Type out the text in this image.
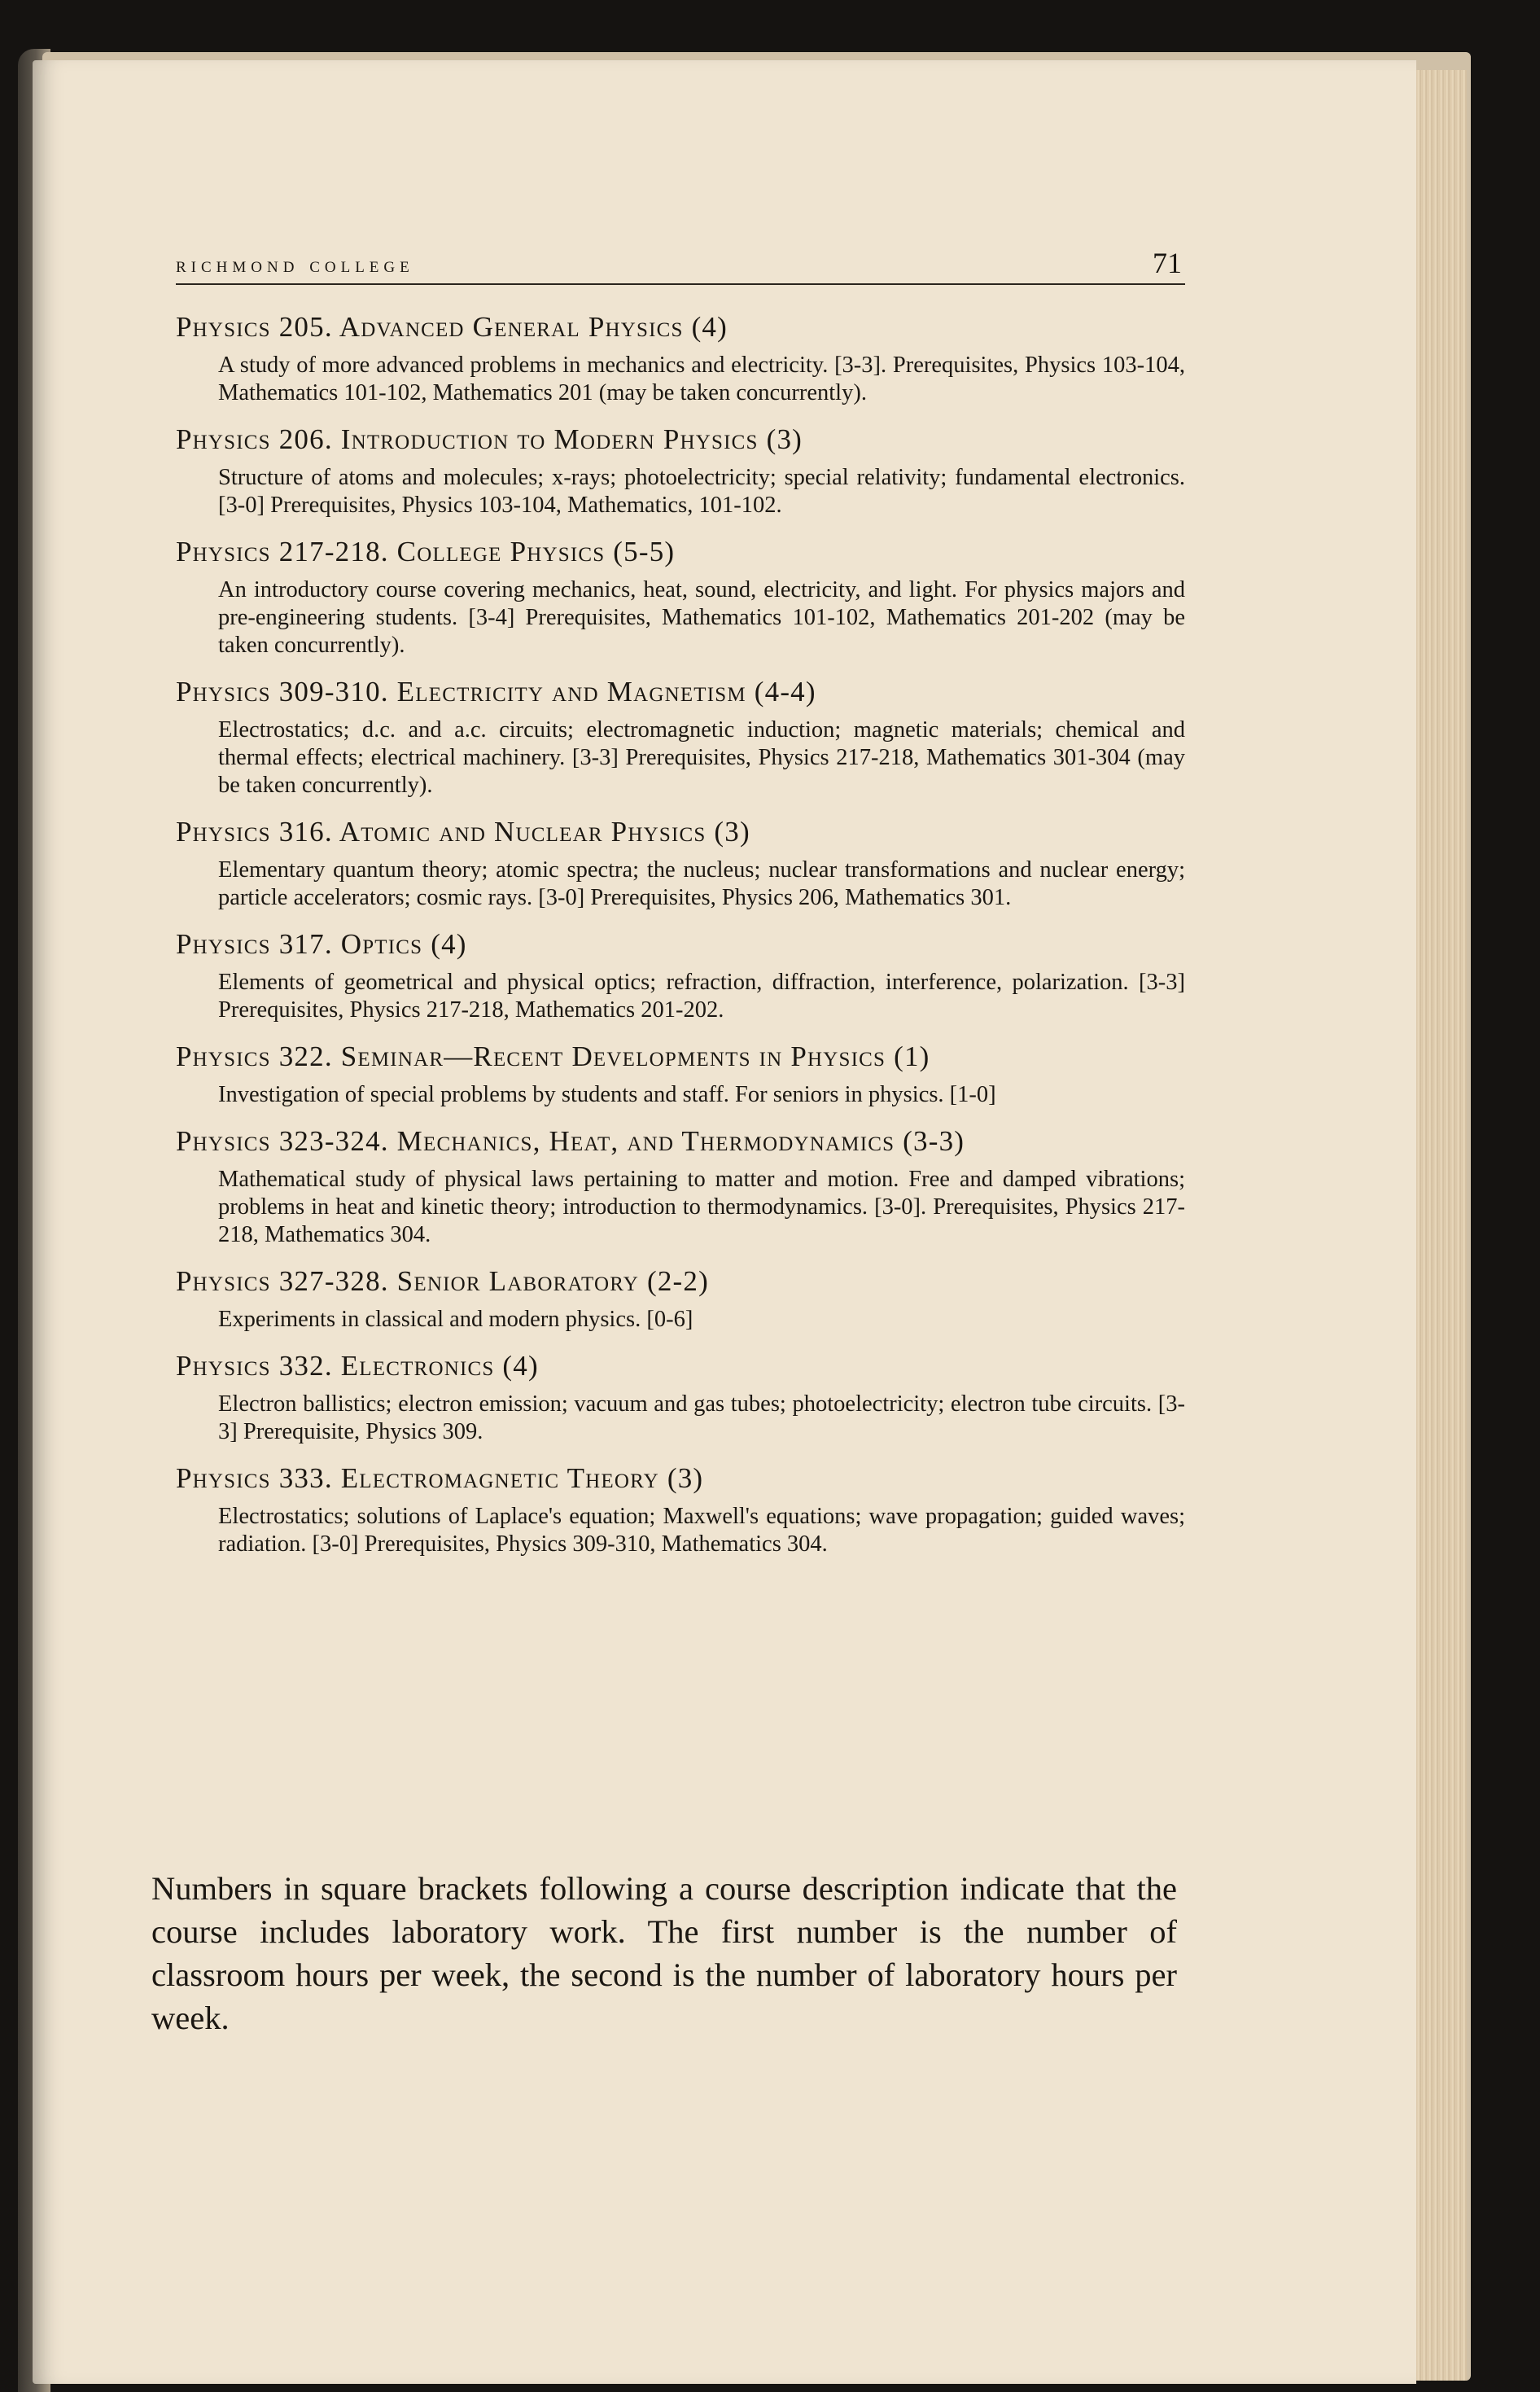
richmond college	71

Physics 205. Advanced General Physics (4)

A study of more advanced problems in mechanics and electricity. [3-3]. Prerequisites, Physics 103-104, Mathematics 101-102, Mathematics 201 (may be taken concurrently).

Physics 206. Introduction to Modern Physics (3)

Structure of atoms and molecules; x-rays; photoelectricity; special relativity; fundamental electronics. [3-0] Prerequisites, Physics 103-104, Mathematics, 101-102.

Physics 217-218. College Physics (5-5)

An introductory course covering mechanics, heat, sound, electricity, and light. For physics majors and pre-engineering students. [3-4] Prerequisites, Mathematics 101-102, Mathematics 201-202 (may be taken concurrently).

Physics 309-310. Electricity and Magnetism (4-4)

Electrostatics; d.c. and a.c. circuits; electromagnetic induction; magnetic materials; chemical and thermal effects; electrical machinery. [3-3] Prerequisites, Physics 217-218, Mathematics 301-304 (may be taken concurrently).

Physics 316. Atomic and Nuclear Physics (3)

Elementary quantum theory; atomic spectra; the nucleus; nuclear transformations and nuclear energy; particle accelerators; cosmic rays. [3-0] Prerequisites, Physics 206, Mathematics 301.

Physics 317. Optics (4)

Elements of geometrical and physical optics; refraction, diffraction, interference, polarization. [3-3] Prerequisites, Physics 217-218, Mathematics 201-202.

Physics 322. Seminar—Recent Developments in Physics (1)

Investigation of special problems by students and staff. For seniors in physics. [1-0]

Physics 323-324. Mechanics, Heat, and Thermodynamics (3-3)

Mathematical study of physical laws pertaining to matter and motion. Free and damped vibrations; problems in heat and kinetic theory; introduction to thermodynamics. [3-0]. Prerequisites, Physics 217-218, Mathematics 304.

Physics 327-328. Senior Laboratory (2-2)

Experiments in classical and modern physics. [0-6]

Physics 332. Electronics (4)

Electron ballistics; electron emission; vacuum and gas tubes; photoelectricity; electron tube circuits. [3-3] Prerequisite, Physics 309.

Physics 333. Electromagnetic Theory (3)

Electrostatics; solutions of Laplace's equation; Maxwell's equations; wave propagation; guided waves; radiation. [3-0] Prerequisites, Physics 309-310, Mathematics 304.

Numbers in square brackets following a course description indicate that the course includes laboratory work. The first number is the number of classroom hours per week, the second is the number of laboratory hours per week.
